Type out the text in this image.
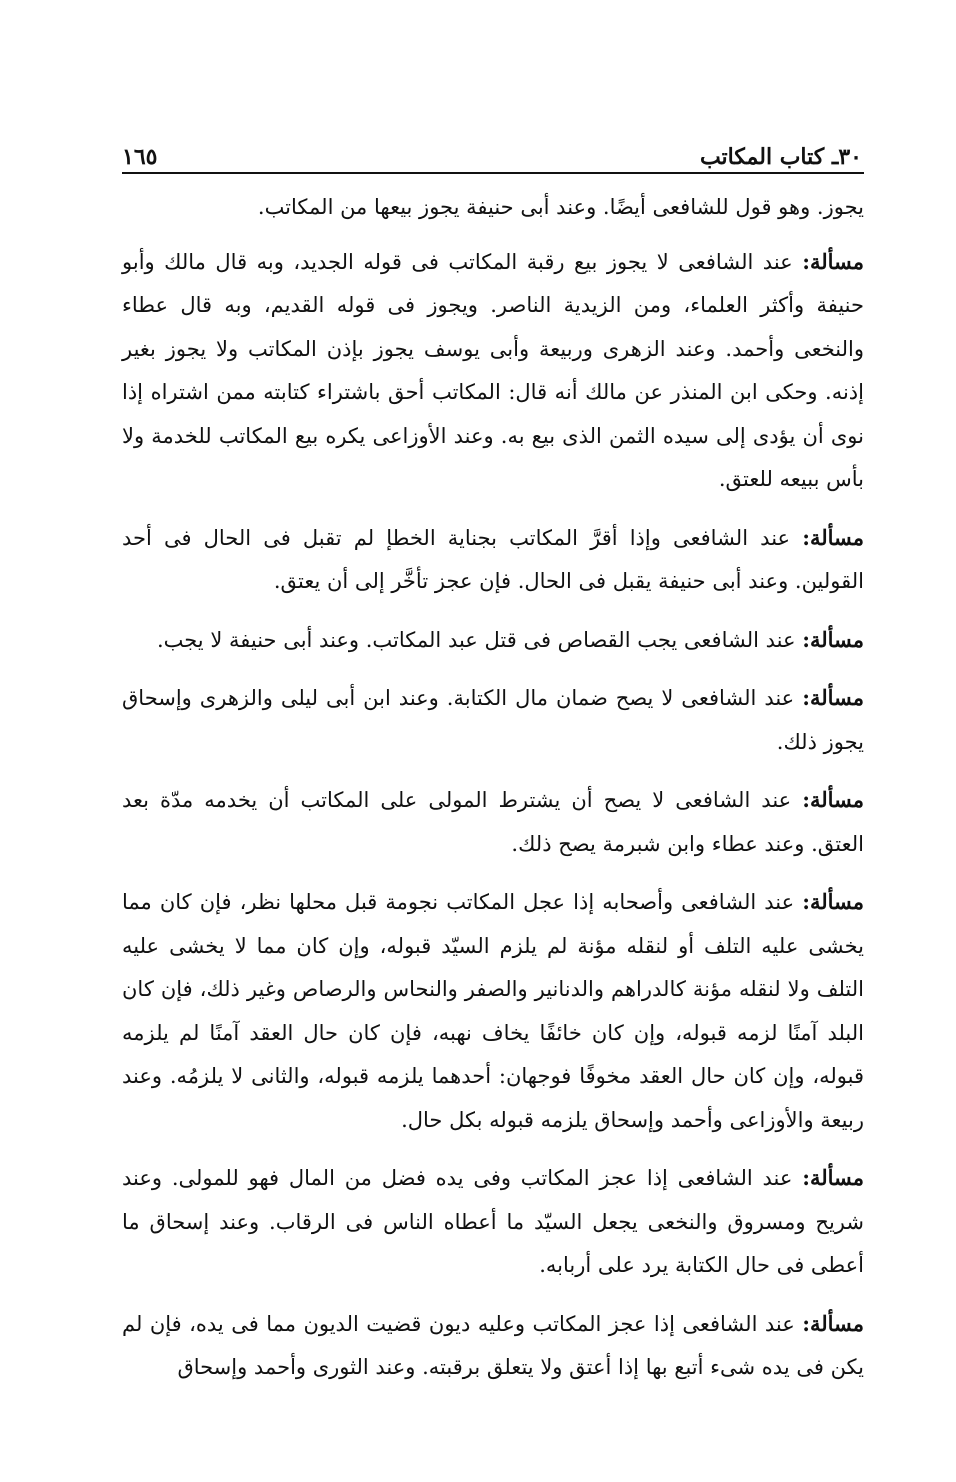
٣٠ـ كتاب المكاتب
١٦٥

يجوز. وهو قول للشافعى أيضًا. وعند أبى حنيفة يجوز بيعها من المكاتب.

مسألة: عند الشافعى لا يجوز بيع رقبة المكاتب فى قوله الجديد، وبه قال مالك وأبو حنيفة وأكثر العلماء، ومن الزيدية الناصر. ويجوز فى قوله القديم، وبه قال عطاء والنخعى وأحمد. وعند الزهرى وربيعة وأبى يوسف يجوز بإذن المكاتب ولا يجوز بغير إذنه. وحكى ابن المنذر عن مالك أنه قال: المكاتب أحق باشتراء كتابته ممن اشتراه إذا نوى أن يؤدى إلى سيده الثمن الذى بيع به. وعند الأوزاعى يكره بيع المكاتب للخدمة ولا بأس ببيعه للعتق.

مسألة: عند الشافعى وإذا أقرَّ المكاتب بجناية الخطإ لم تقبل فى الحال فى أحد القولين. وعند أبى حنيفة يقبل فى الحال. فإن عجز تأخَّر إلى أن يعتق.

مسألة: عند الشافعى يجب القصاص فى قتل عبد المكاتب. وعند أبى حنيفة لا يجب.

مسألة: عند الشافعى لا يصح ضمان مال الكتابة. وعند ابن أبى ليلى والزهرى وإسحاق يجوز ذلك.

مسألة: عند الشافعى لا يصح أن يشترط المولى على المكاتب أن يخدمه مدّة بعد العتق. وعند عطاء وابن شبرمة يصح ذلك.

مسألة: عند الشافعى وأصحابه إذا عجل المكاتب نجومة قبل محلها نظر، فإن كان مما يخشى عليه التلف أو لنقله مؤنة لم يلزم السيّد قبوله، وإن كان مما لا يخشى عليه التلف ولا لنقله مؤنة كالدراهم والدنانير والصفر والنحاس والرصاص وغير ذلك، فإن كان البلد آمنًا لزمه قبوله، وإن كان خائفًا يخاف نهبه، فإن كان حال العقد آمنًا لم يلزمه قبوله، وإن كان حال العقد مخوفًا فوجهان: أحدهما يلزمه قبوله، والثانى لا يلزمُه. وعند ربيعة والأوزاعى وأحمد وإسحاق يلزمه قبوله بكل حال.

مسألة: عند الشافعى إذا عجز المكاتب وفى يده فضل من المال فهو للمولى. وعند شريح ومسروق والنخعى يجعل السيّد ما أعطاه الناس فى الرقاب. وعند إسحاق ما أعطى فى حال الكتابة يرد على أربابه.

مسألة: عند الشافعى إذا عجز المكاتب وعليه ديون قضيت الديون مما فى يده، فإن لم يكن فى يده شىء أتبع بها إذا أعتق ولا يتعلق برقبته. وعند الثورى وأحمد وإسحاق
